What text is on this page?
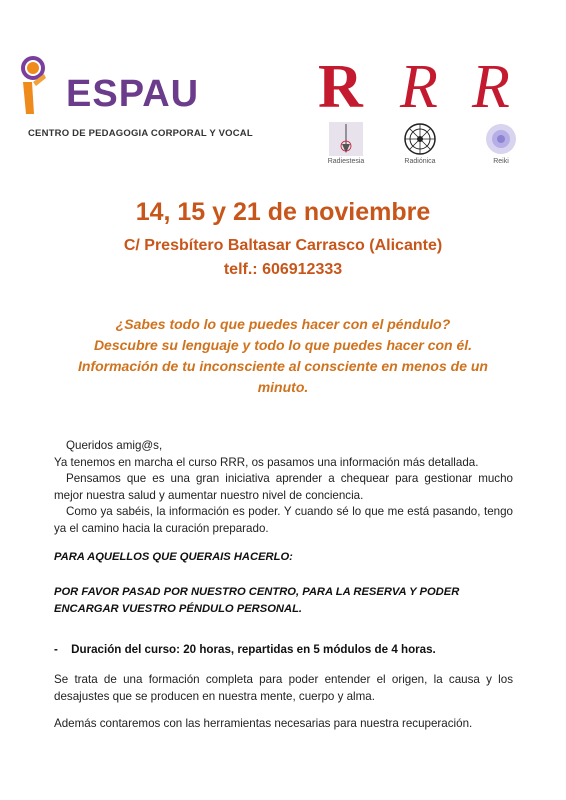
ESPAU
CENTRO DE PEDAGOGIA CORPORAL Y VOCAL
R R R
Radiestesia	Radiónica	Reiki
14, 15 y 21 de noviembre
C/ Presbítero Baltasar Carrasco (Alicante)
telf.: 606912333
¿Sabes todo lo que puedes hacer con el péndulo?
Descubre su lenguaje y todo lo que puedes hacer con él.
Información de tu inconsciente al consciente en menos de un minuto.
Queridos amig@s,
Ya tenemos en marcha el curso RRR, os pasamos una información más detallada.
Pensamos que es una gran iniciativa aprender a chequear para gestionar mucho mejor nuestra salud y aumentar nuestro nivel de conciencia.
Como ya sabéis, la información es poder. Y cuando sé lo que me está pasando, tengo ya el camino hacia la curación preparado.
PARA AQUELLOS QUE QUERAIS HACERLO:
POR FAVOR PASAD POR NUESTRO CENTRO, PARA LA RESERVA Y PODER ENCARGAR VUESTRO PÉNDULO PERSONAL.
- Duración del curso: 20 horas, repartidas en 5 módulos de 4 horas.
Se trata de una formación completa para poder entender el origen, la causa y los desajustes que se producen en nuestra mente, cuerpo y alma.
Además contaremos con las herramientas necesarias para nuestra recuperación.
